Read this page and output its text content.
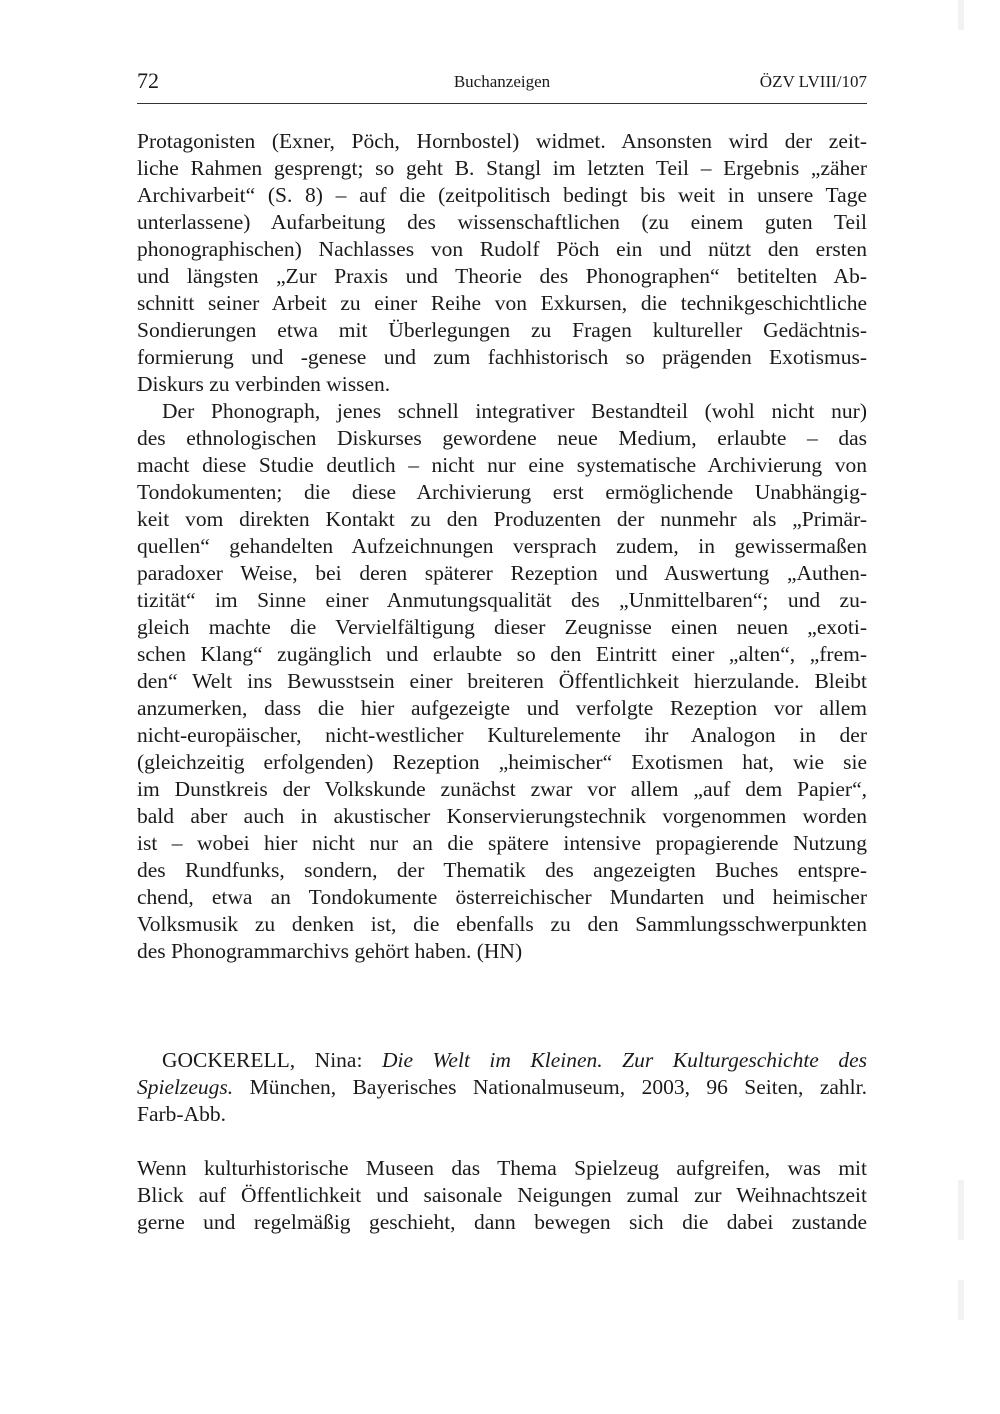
72	Buchanzeigen	ÖZV LVIII/107

Protagonisten (Exner, Pöch, Hornbostel) widmet. Ansonsten wird der zeit-
liche Rahmen gesprengt; so geht B. Stangl im letzten Teil – Ergebnis „zäher
Archivarbeit“ (S. 8) – auf die (zeitpolitisch bedingt bis weit in unsere Tage
unterlassene) Aufarbeitung des wissenschaftlichen (zu einem guten Teil
phonographischen) Nachlasses von Rudolf Pöch ein und nützt den ersten
und längsten „Zur Praxis und Theorie des Phonographen“ betitelten Ab-
schnitt seiner Arbeit zu einer Reihe von Exkursen, die technikgeschichtliche
Sondierungen etwa mit Überlegungen zu Fragen kultureller Gedächtnis-
formierung und -genese und zum fachhistorisch so prägenden Exotismus-
Diskurs zu verbinden wissen.

Der Phonograph, jenes schnell integrativer Bestandteil (wohl nicht nur)
des ethnologischen Diskurses gewordene neue Medium, erlaubte – das
macht diese Studie deutlich – nicht nur eine systematische Archivierung von
Tondokumenten; die diese Archivierung erst ermöglichende Unabhängig-
keit vom direkten Kontakt zu den Produzenten der nunmehr als „Primär-
quellen“ gehandelten Aufzeichnungen versprach zudem, in gewissermaßen
paradoxer Weise, bei deren späterer Rezeption und Auswertung „Authen-
tizität“ im Sinne einer Anmutungsqualität des „Unmittelbaren“; und zu-
gleich machte die Vervielfältigung dieser Zeugnisse einen neuen „exoti-
schen Klang“ zugänglich und erlaubte so den Eintritt einer „alten“, „frem-
den“ Welt ins Bewusstsein einer breiteren Öffentlichkeit hierzulande. Bleibt
anzumerken, dass die hier aufgezeigte und verfolgte Rezeption vor allem
nicht-europäischer, nicht-westlicher Kulturelemente ihr Analogon in der
(gleichzeitig erfolgenden) Rezeption „heimischer“ Exotismen hat, wie sie
im Dunstkreis der Volkskunde zunächst zwar vor allem „auf dem Papier“,
bald aber auch in akustischer Konservierungstechnik vorgenommen worden
ist – wobei hier nicht nur an die spätere intensive propagierende Nutzung
des Rundfunks, sondern, der Thematik des angezeigten Buches entspre-
chend, etwa an Tondokumente österreichischer Mundarten und heimischer
Volksmusik zu denken ist, die ebenfalls zu den Sammlungsschwerpunkten
des Phonogrammarchivs gehört haben. (HN)

GOCKERELL, Nina: Die Welt im Kleinen. Zur Kulturgeschichte des
Spielzeugs. München, Bayerisches Nationalmuseum, 2003, 96 Seiten, zahlr.
Farb-Abb.

Wenn kulturhistorische Museen das Thema Spielzeug aufgreifen, was mit
Blick auf Öffentlichkeit und saisonale Neigungen zumal zur Weihnachtszeit
gerne und regelmäßig geschieht, dann bewegen sich die dabei zustande
